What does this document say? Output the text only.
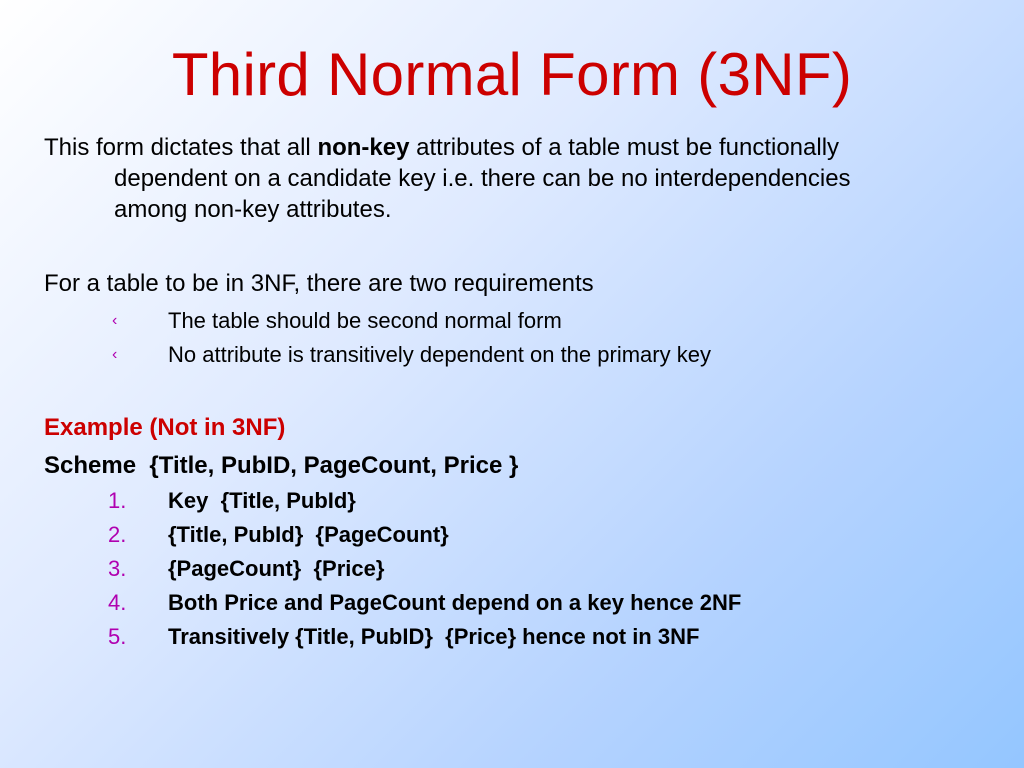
Third Normal Form (3NF)
This form dictates that all non-key attributes of a table must be functionally
dependent on a candidate key i.e. there can be no interdependencies
among non-key attributes.
For a table to be in 3NF, there are two requirements
‹ The table should be second normal form
‹ No attribute is transitively dependent on the primary key
Example (Not in 3NF)
Scheme  {Title, PubID, PageCount, Price }
1. Key  {Title, PubId}
2. {Title, PubId}  {PageCount}
3. {PageCount}  {Price}
4. Both Price and PageCount depend on a key hence 2NF
5. Transitively {Title, PubID}  {Price} hence not in 3NF
